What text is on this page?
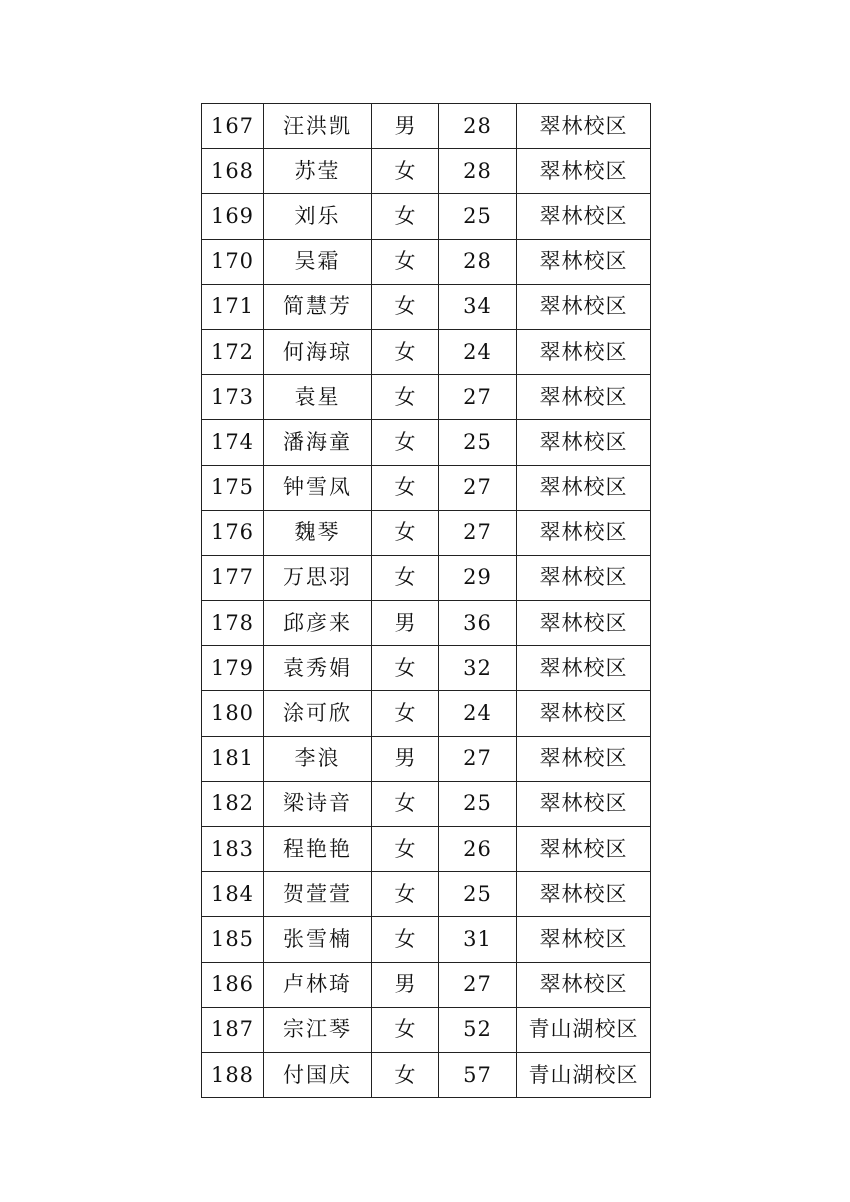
167	汪洪凯	男	28	翠林校区
168	苏莹	女	28	翠林校区
169	刘乐	女	25	翠林校区
170	吴霜	女	28	翠林校区
171	简慧芳	女	34	翠林校区
172	何海琼	女	24	翠林校区
173	袁星	女	27	翠林校区
174	潘海童	女	25	翠林校区
175	钟雪凤	女	27	翠林校区
176	魏琴	女	27	翠林校区
177	万思羽	女	29	翠林校区
178	邱彦来	男	36	翠林校区
179	袁秀娟	女	32	翠林校区
180	涂可欣	女	24	翠林校区
181	李浪	男	27	翠林校区
182	梁诗音	女	25	翠林校区
183	程艳艳	女	26	翠林校区
184	贺萱萱	女	25	翠林校区
185	张雪楠	女	31	翠林校区
186	卢林琦	男	27	翠林校区
187	宗江琴	女	52	青山湖校区
188	付国庆	女	57	青山湖校区
